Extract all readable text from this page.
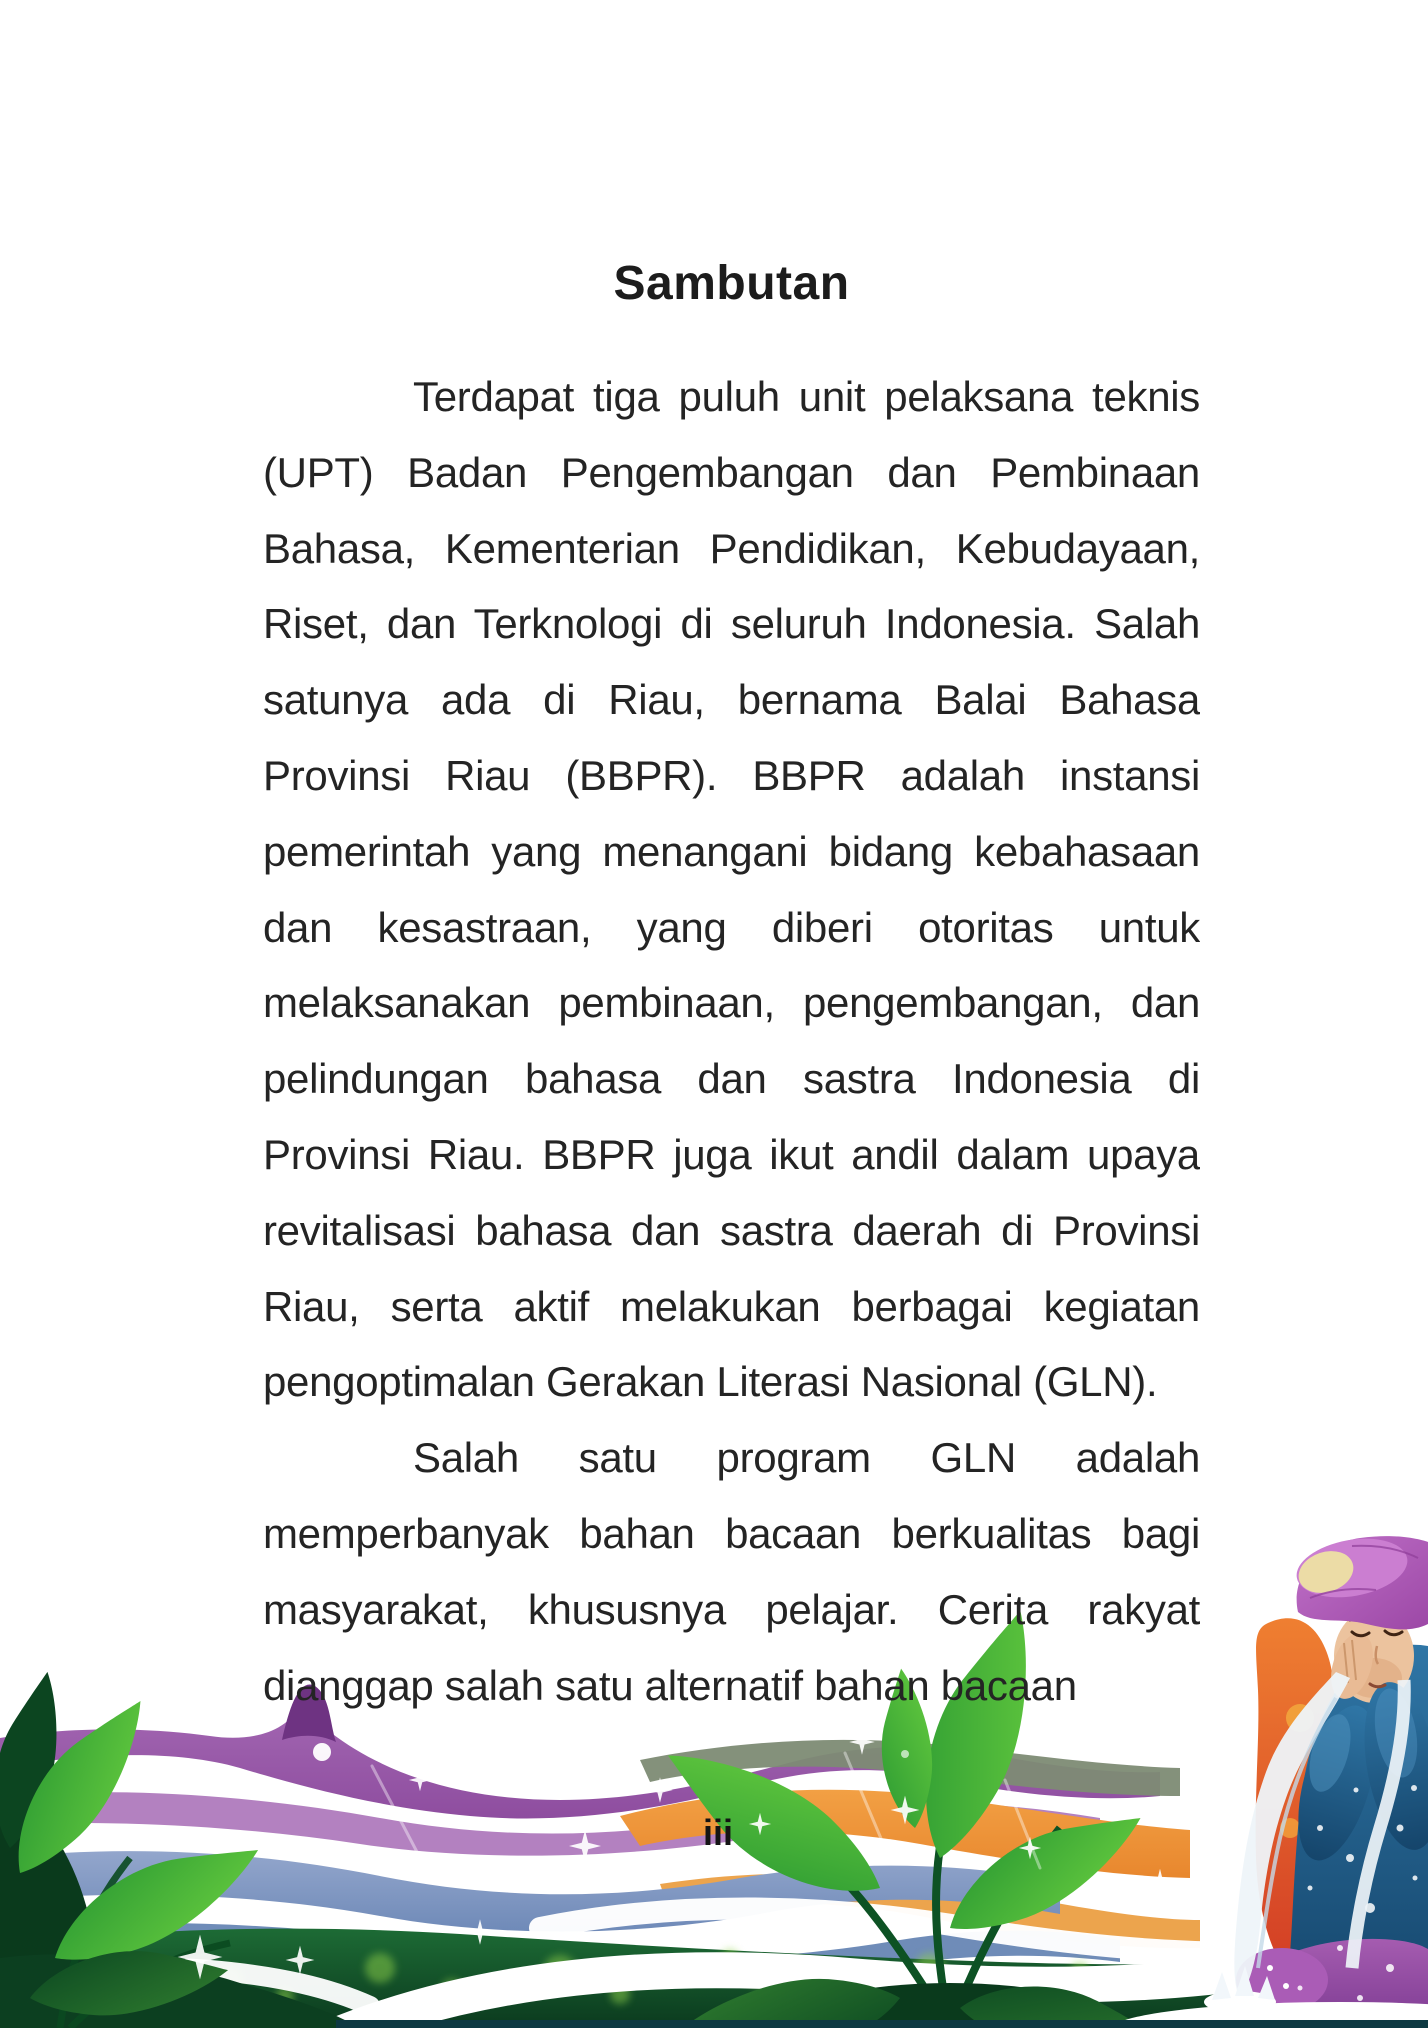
Sambutan
Terdapat tiga puluh unit pelaksana teknis
(UPT) Badan Pengembangan dan Pembinaan
Bahasa, Kementerian Pendidikan, Kebudayaan,
Riset, dan Terknologi di seluruh Indonesia. Salah
satunya ada di Riau, bernama Balai Bahasa
Provinsi Riau (BBPR). BBPR adalah instansi
pemerintah yang menangani bidang kebahasaan
dan kesastraan, yang diberi otoritas untuk
melaksanakan pembinaan, pengembangan, dan
pelindungan bahasa dan sastra Indonesia di
Provinsi Riau. BBPR juga ikut andil dalam upaya
revitalisasi bahasa dan sastra daerah di Provinsi
Riau, serta aktif melakukan berbagai kegiatan
pengoptimalan Gerakan Literasi Nasional (GLN).
Salah satu program GLN adalah
memperbanyak bahan bacaan berkualitas bagi
masyarakat, khususnya pelajar. Cerita rakyat
dianggap salah satu alternatif bahan bacaan
iii
